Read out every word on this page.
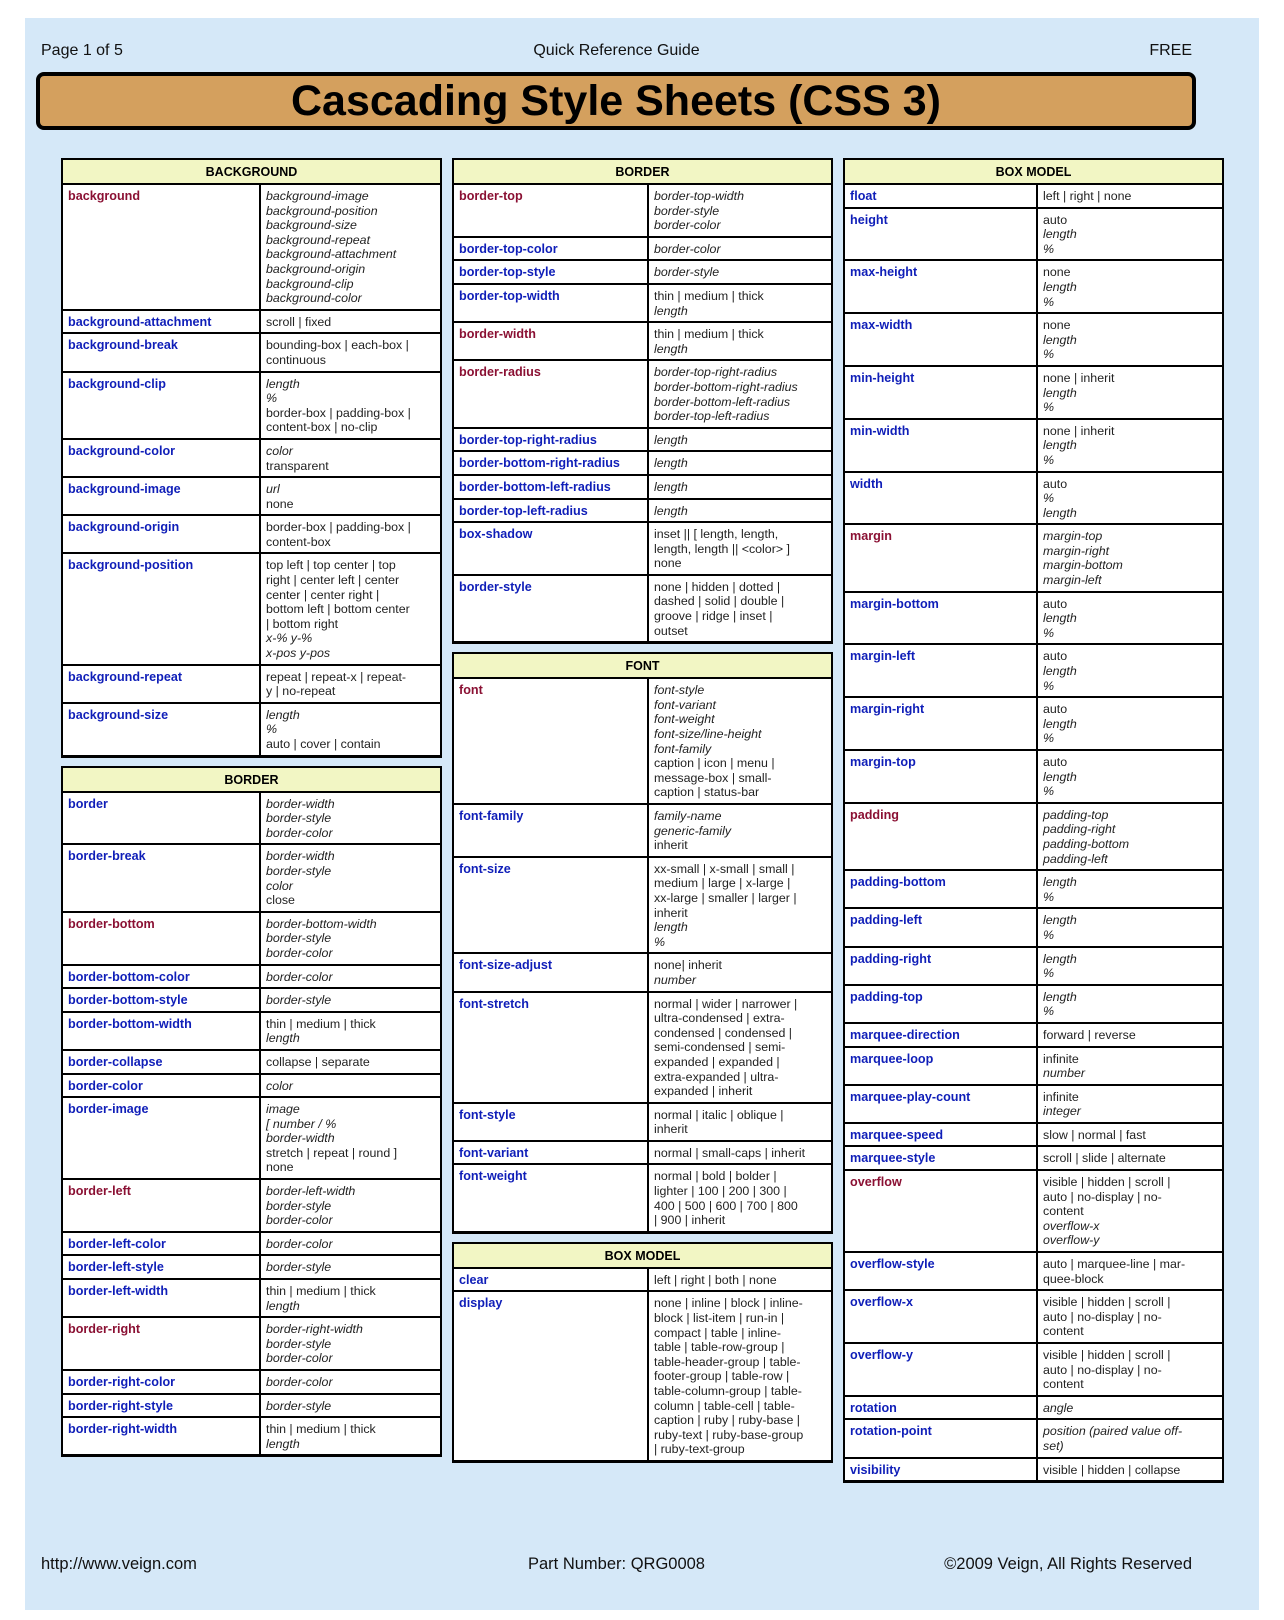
Page 1 of 5	Quick Reference Guide	FREE
Cascading Style Sheets (CSS 3)
BACKGROUND
background	background-image
background-position
background-size
background-repeat
background-attachment
background-origin
background-clip
background-color
background-attachment	scroll | fixed
background-break	bounding-box | each-box |
continuous
background-clip	length
%
border-box | padding-box |
content-box | no-clip
background-color	color
transparent
background-image	url
none
background-origin	border-box | padding-box |
content-box
background-position	top left | top center | top
right | center left | center
center | center right |
bottom left | bottom center
| bottom right
x-% y-%
x-pos y-pos
background-repeat	repeat | repeat-x | repeat-
y | no-repeat
background-size	length
%
auto | cover | contain
BORDER
border	border-width
border-style
border-color
border-break	border-width
border-style
color
close
border-bottom	border-bottom-width
border-style
border-color
border-bottom-color	border-color
border-bottom-style	border-style
border-bottom-width	thin | medium | thick
length
border-collapse	collapse | separate
border-color	color
border-image	image
[ number / %
border-width
stretch | repeat | round ]
none
border-left	border-left-width
border-style
border-color
border-left-color	border-color
border-left-style	border-style
border-left-width	thin | medium | thick
length
border-right	border-right-width
border-style
border-color
border-right-color	border-color
border-right-style	border-style
border-right-width	thin | medium | thick
length
BORDER
border-top	border-top-width
border-style
border-color
border-top-color	border-color
border-top-style	border-style
border-top-width	thin | medium | thick
length
border-width	thin | medium | thick
length
border-radius	border-top-right-radius
border-bottom-right-radius
border-bottom-left-radius
border-top-left-radius
border-top-right-radius	length
border-bottom-right-radius	length
border-bottom-left-radius	length
border-top-left-radius	length
box-shadow	inset || [ length, length,
length, length || <color> ]
none
border-style	none | hidden | dotted |
dashed | solid | double |
groove | ridge | inset |
outset
FONT
font	font-style
font-variant
font-weight
font-size/line-height
font-family
caption | icon | menu |
message-box | small-
caption | status-bar
font-family	family-name
generic-family
inherit
font-size	xx-small | x-small | small |
medium | large | x-large |
xx-large | smaller | larger |
inherit
length
%
font-size-adjust	none| inherit
number
font-stretch	normal | wider | narrower |
ultra-condensed | extra-
condensed | condensed |
semi-condensed | semi-
expanded | expanded |
extra-expanded | ultra-
expanded | inherit
font-style	normal | italic | oblique |
inherit
font-variant	normal | small-caps | inherit
font-weight	normal | bold | bolder |
lighter | 100 | 200 | 300 |
400 | 500 | 600 | 700 | 800
| 900 | inherit
BOX MODEL
clear	left | right | both | none
display	none | inline | block | inline-
block | list-item | run-in |
compact | table | inline-
table | table-row-group |
table-header-group | table-
footer-group | table-row |
table-column-group | table-
column | table-cell | table-
caption | ruby | ruby-base |
ruby-text | ruby-base-group
| ruby-text-group
BOX MODEL
float	left | right | none
height	auto
length
%
max-height	none
length
%
max-width	none
length
%
min-height	none | inherit
length
%
min-width	none | inherit
length
%
width	auto
%
length
margin	margin-top
margin-right
margin-bottom
margin-left
margin-bottom	auto
length
%
margin-left	auto
length
%
margin-right	auto
length
%
margin-top	auto
length
%
padding	padding-top
padding-right
padding-bottom
padding-left
padding-bottom	length
%
padding-left	length
%
padding-right	length
%
padding-top	length
%
marquee-direction	forward | reverse
marquee-loop	infinite
number
marquee-play-count	infinite
integer
marquee-speed	slow | normal | fast
marquee-style	scroll | slide | alternate
overflow	visible | hidden | scroll |
auto | no-display | no-
content
overflow-x
overflow-y
overflow-style	auto | marquee-line | mar-
quee-block
overflow-x	visible | hidden | scroll |
auto | no-display | no-
content
overflow-y	visible | hidden | scroll |
auto | no-display | no-
content
rotation	angle
rotation-point	position (paired value off-
set)
visibility	visible | hidden | collapse
http://www.veign.com	Part Number: QRG0008	©2009 Veign, All Rights Reserved
